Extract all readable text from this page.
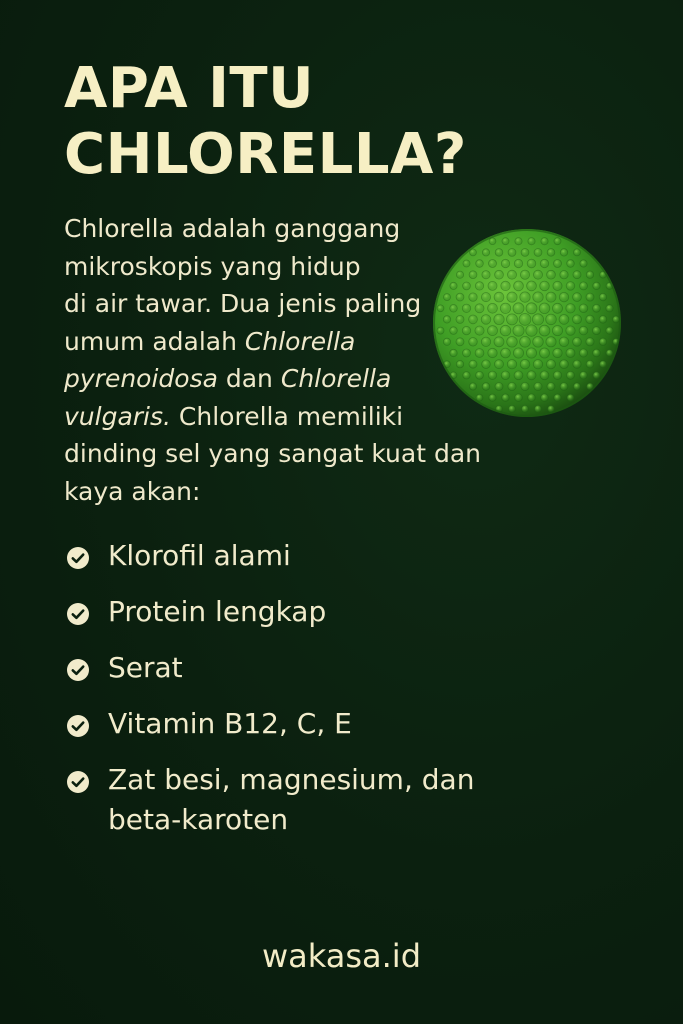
APA ITU
CHLORELLA?

Chlorella adalah ganggang
mikroskopis yang hidup
di air tawar. Dua jenis paling
umum adalah Chlorella
pyrenoidosa dan Chlorella
vulgaris. Chlorella memiliki
dinding sel yang sangat kuat dan
kaya akan:

Klorofil alami
Protein lengkap
Serat
Vitamin B12, C, E
Zat besi, magnesium, dan
beta-karoten
wakasa.id
